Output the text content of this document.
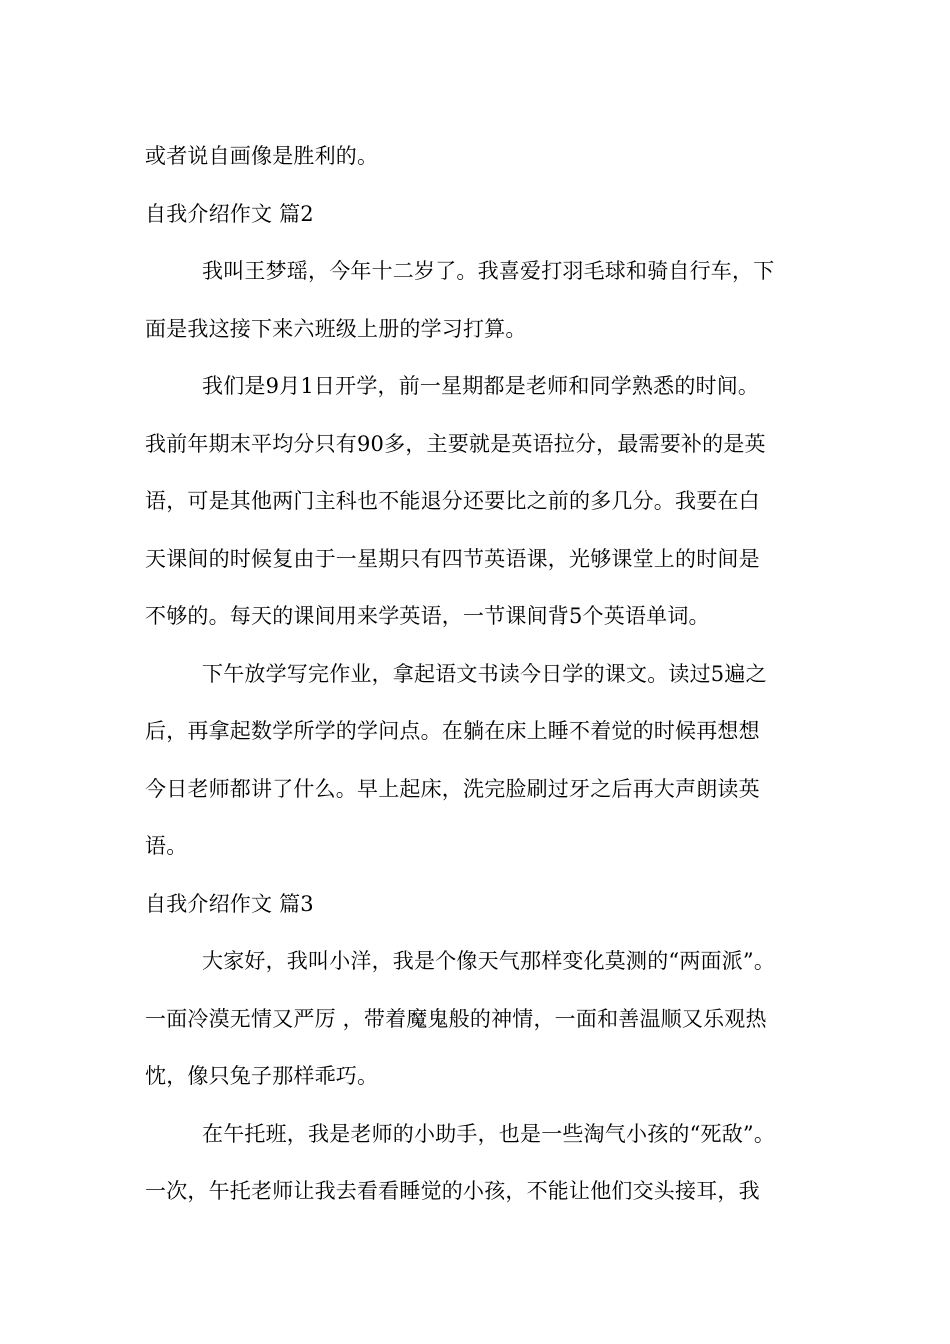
或者说自画像是胜利的。
自我介绍作文 篇2
我叫王梦瑶，今年十二岁了。我喜爱打羽毛球和骑自行车，下
面是我这接下来六班级上册的学习打算。
我们是9月1日开学，前一星期都是老师和同学熟悉的时间。
我前年期末平均分只有90多，主要就是英语拉分，最需要补的是英
语，可是其他两门主科也不能退分还要比之前的多几分。我要在白
天课间的时候复由于一星期只有四节英语课，光够课堂上的时间是
不够的。每天的课间用来学英语，一节课间背5个英语单词。
下午放学写完作业，拿起语文书读今日学的课文。读过5遍之
后，再拿起数学所学的学问点。在躺在床上睡不着觉的时候再想想
今日老师都讲了什么。早上起床，洗完脸刷过牙之后再大声朗读英
语。
自我介绍作文 篇3
大家好，我叫小洋，我是个像天气那样变化莫测的“两面派”。
一面冷漠无情又严厉 ，带着魔鬼般的神情，一面和善温顺又乐观热
忱，像只兔子那样乖巧。
在午托班，我是老师的小助手，也是一些淘气小孩的“死敌”。
一次，午托老师让我去看看睡觉的小孩，不能让他们交头接耳，我
